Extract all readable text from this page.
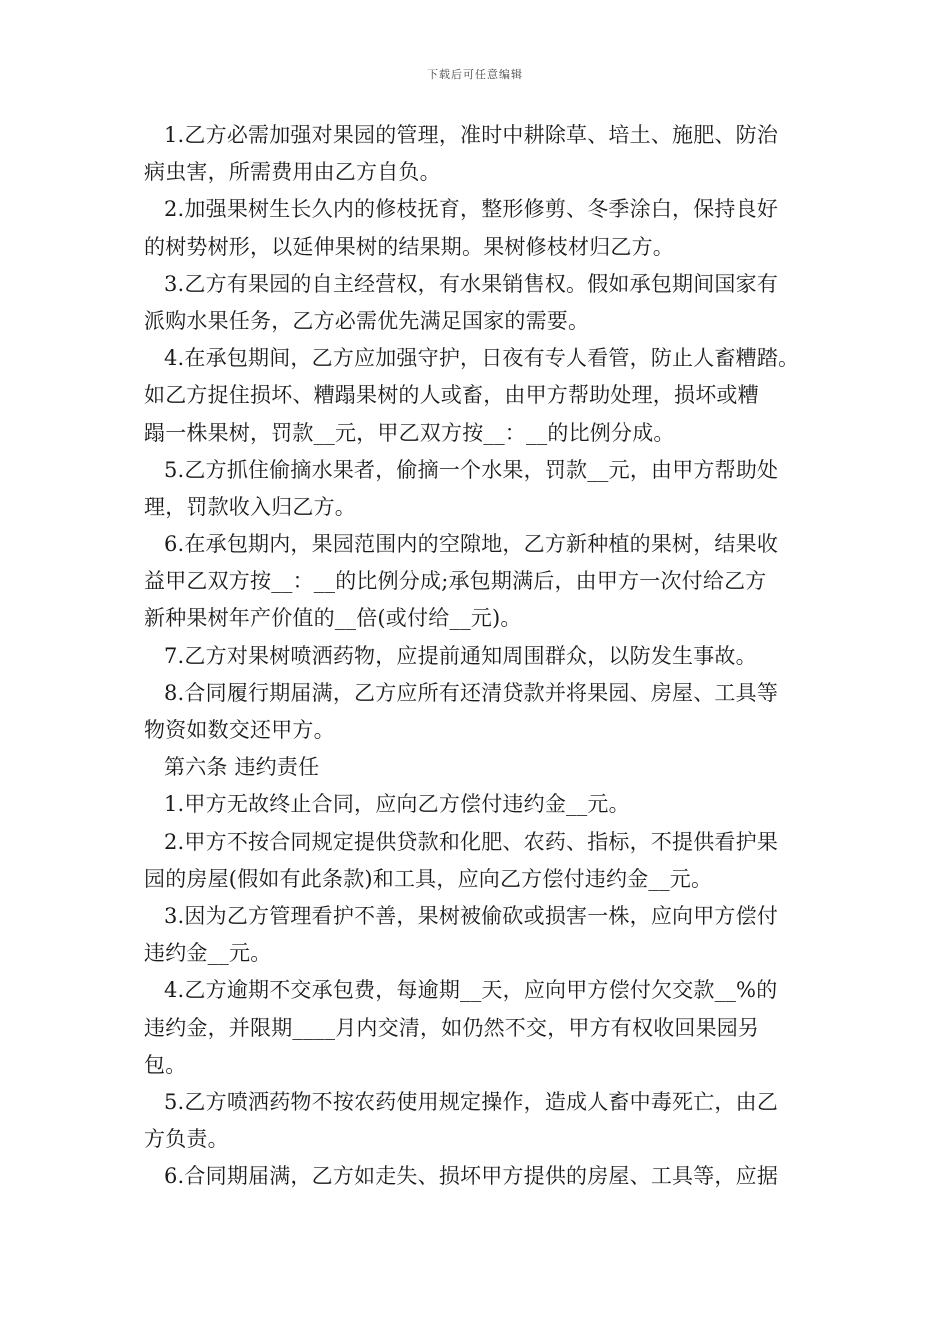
下载后可任意编辑
1.乙方必需加强对果园的管理，准时中耕除草、培土、施肥、防治
病虫害，所需费用由乙方自负。
2.加强果树生长久内的修枝抚育，整形修剪、冬季涂白，保持良好
的树势树形，以延伸果树的结果期。果树修枝材归乙方。
3.乙方有果园的自主经营权，有水果销售权。假如承包期间国家有
派购水果任务，乙方必需优先满足国家的需要。
4.在承包期间，乙方应加强守护，日夜有专人看管，防止人畜糟踏。
如乙方捉住损坏、糟蹋果树的人或畜，由甲方帮助处理，损坏或糟
蹋一株果树，罚款__元，甲乙双方按__：__的比例分成。
5.乙方抓住偷摘水果者，偷摘一个水果，罚款__元，由甲方帮助处
理，罚款收入归乙方。
6.在承包期内，果园范围内的空隙地，乙方新种植的果树，结果收
益甲乙双方按__：__的比例分成;承包期满后，由甲方一次付给乙方
新种果树年产价值的__倍(或付给__元)。
7.乙方对果树喷洒药物，应提前通知周围群众，以防发生事故。
8.合同履行期届满，乙方应所有还清贷款并将果园、房屋、工具等
物资如数交还甲方。
第六条 违约责任
1.甲方无故终止合同，应向乙方偿付违约金__元。
2.甲方不按合同规定提供贷款和化肥、农药、指标，不提供看护果
园的房屋(假如有此条款)和工具，应向乙方偿付违约金__元。
3.因为乙方管理看护不善，果树被偷砍或损害一株，应向甲方偿付
违约金__元。
4.乙方逾期不交承包费，每逾期__天，应向甲方偿付欠交款__%的
违约金，并限期____月内交清，如仍然不交，甲方有权收回果园另
包。
5.乙方喷洒药物不按农药使用规定操作，造成人畜中毒死亡，由乙
方负责。
6.合同期届满，乙方如走失、损坏甲方提供的房屋、工具等，应据
